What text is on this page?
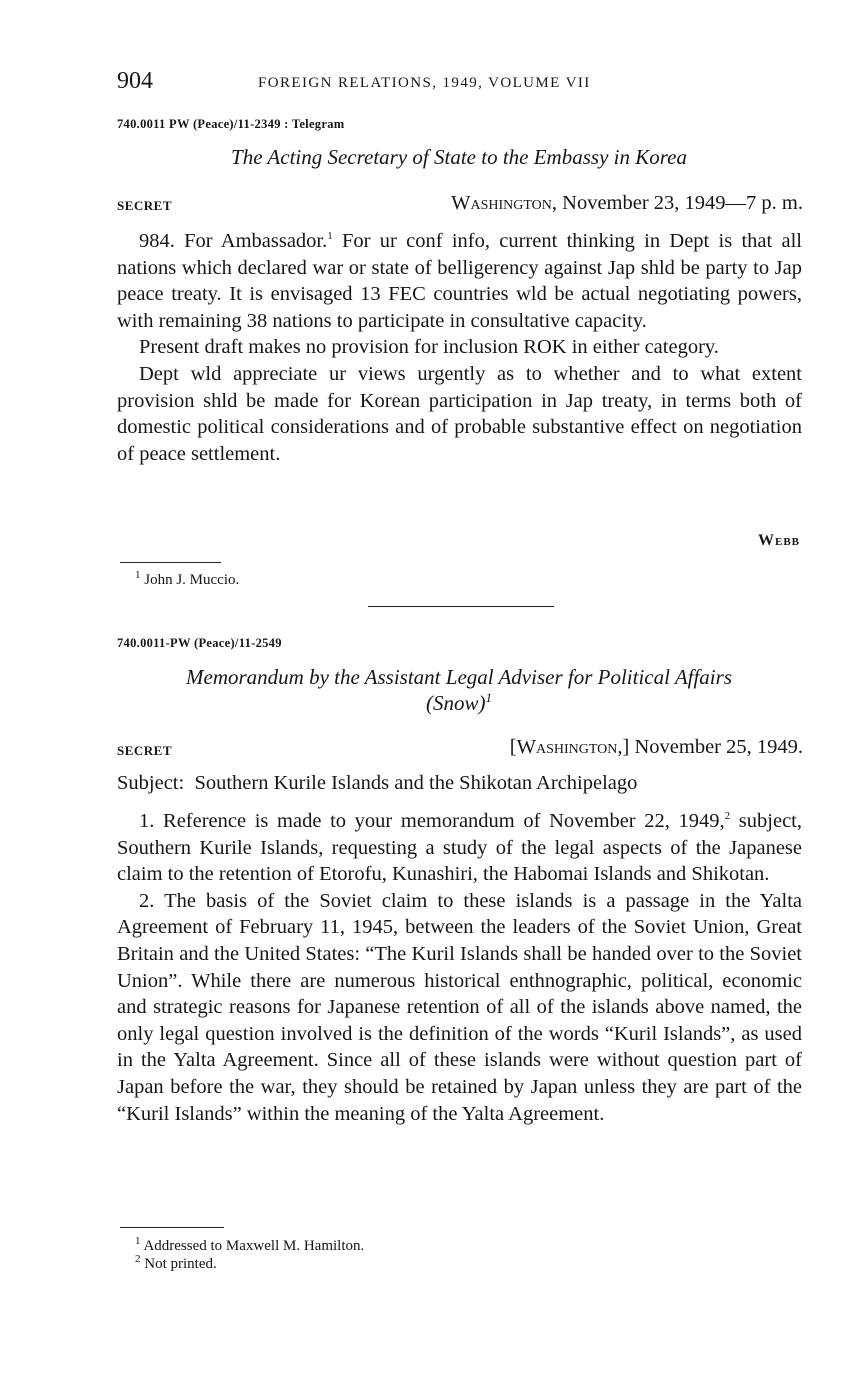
904	FOREIGN RELATIONS, 1949, VOLUME VII
740.0011 PW (Peace)/11-2349 : Telegram
The Acting Secretary of State to the Embassy in Korea
SECRET	Washington, November 23, 1949—7 p. m.

984. For Ambassador.$^1$ For ur conf info, current thinking in Dept is that all nations which declared war or state of belligerency against Jap shld be party to Jap peace treaty. It is envisaged 13 FEC countries wld be actual negotiating powers, with remaining 38 nations to participate in consultative capacity.

Present draft makes no provision for inclusion ROK in either category.

Dept wld appreciate ur views urgently as to whether and to what extent provision shld be made for Korean participation in Jap treaty, in terms both of domestic political considerations and of probable substantive effect on negotiation of peace settlement.

Webb
$^1$ John J. Muccio.
740.0011-PW (Peace)/11-2549
Memorandum by the Assistant Legal Adviser for Political Affairs
(Snow)$^1$
SECRET	[Washington,] November 25, 1949.
Subject: Southern Kurile Islands and the Shikotan Archipelago

1. Reference is made to your memorandum of November 22, 1949,$^2$ subject, Southern Kurile Islands, requesting a study of the legal aspects of the Japanese claim to the retention of Etorofu, Kunashiri, the Habomai Islands and Shikotan.

2. The basis of the Soviet claim to these islands is a passage in the Yalta Agreement of February 11, 1945, between the leaders of the Soviet Union, Great Britain and the United States: “The Kuril Islands shall be handed over to the Soviet Union”. While there are numerous historical enthnographic, political, economic and strategic reasons for Japanese retention of all of the islands above named, the only legal question involved is the definition of the words “Kuril Islands”, as used in the Yalta Agreement. Since all of these islands were without question part of Japan before the war, they should be retained by Japan unless they are part of the “Kuril Islands” within the meaning of the Yalta Agreement.

$^1$ Addressed to Maxwell M. Hamilton.
$^2$ Not printed.
